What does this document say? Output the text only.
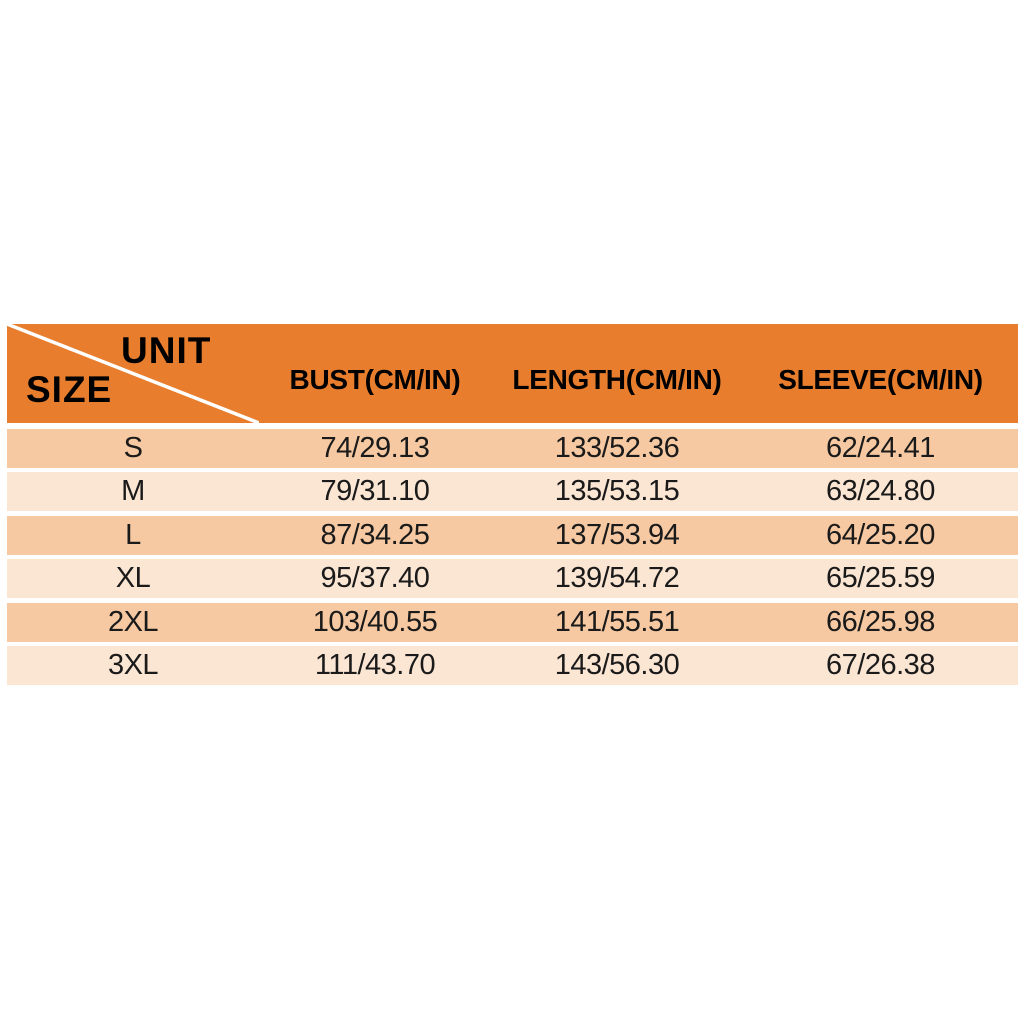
UNIT
SIZE	BUST(CM/IN)	LENGTH(CM/IN)	SLEEVE(CM/IN)
S	74/29.13	133/52.36	62/24.41
M	79/31.10	135/53.15	63/24.80
L	87/34.25	137/53.94	64/25.20
XL	95/37.40	139/54.72	65/25.59
2XL	103/40.55	141/55.51	66/25.98
3XL	111/43.70	143/56.30	67/26.38
